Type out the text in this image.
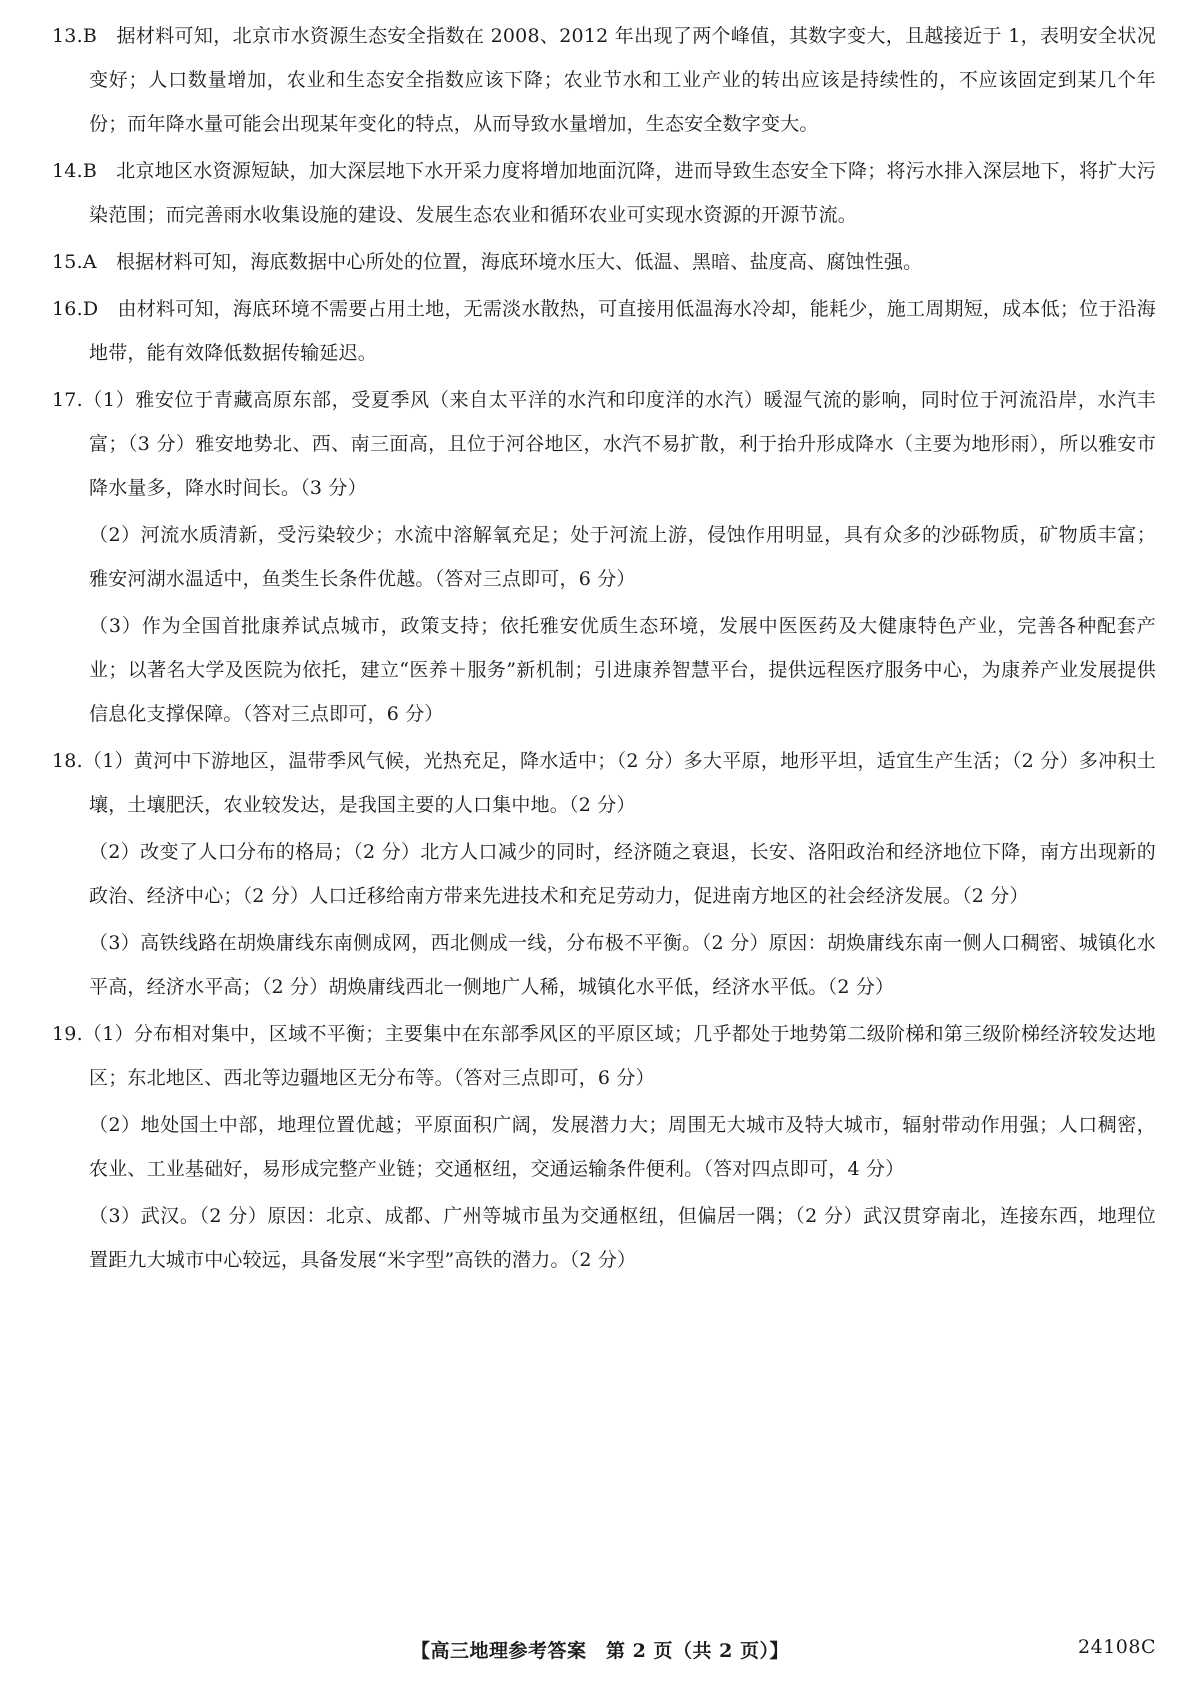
13.B　据材料可知，北京市水资源生态安全指数在 2008、2012 年出现了两个峰值，其数字变大，且越接近于 1，表明安全状况变好；人口数量增加，农业和生态安全指数应该下降；农业节水和工业产业的转出应该是持续性的，不应该固定到某几个年份；而年降水量可能会出现某年变化的特点，从而导致水量增加，生态安全数字变大。

14.B　北京地区水资源短缺，加大深层地下水开采力度将增加地面沉降，进而导致生态安全下降；将污水排入深层地下，将扩大污染范围；而完善雨水收集设施的建设、发展生态农业和循环农业可实现水资源的开源节流。

15.A　根据材料可知，海底数据中心所处的位置，海底环境水压大、低温、黑暗、盐度高、腐蚀性强。

16.D　由材料可知，海底环境不需要占用土地，无需淡水散热，可直接用低温海水冷却，能耗少，施工周期短，成本低；位于沿海地带，能有效降低数据传输延迟。

17.（1）雅安位于青藏高原东部，受夏季风（来自太平洋的水汽和印度洋的水汽）暖湿气流的影响，同时位于河流沿岸，水汽丰富；（3 分）雅安地势北、西、南三面高，且位于河谷地区，水汽不易扩散，利于抬升形成降水（主要为地形雨），所以雅安市降水量多，降水时间长。（3 分）

（2）河流水质清新，受污染较少；水流中溶解氧充足；处于河流上游，侵蚀作用明显，具有众多的沙砾物质，矿物质丰富；雅安河湖水温适中，鱼类生长条件优越。（答对三点即可，6 分）

（3）作为全国首批康养试点城市，政策支持；依托雅安优质生态环境，发展中医医药及大健康特色产业，完善各种配套产业；以著名大学及医院为依托，建立“医养＋服务”新机制；引进康养智慧平台，提供远程医疗服务中心，为康养产业发展提供信息化支撑保障。（答对三点即可，6 分）

18.（1）黄河中下游地区，温带季风气候，光热充足，降水适中；（2 分）多大平原，地形平坦，适宜生产生活；（2 分）多冲积土壤，土壤肥沃，农业较发达，是我国主要的人口集中地。（2 分）

（2）改变了人口分布的格局；（2 分）北方人口减少的同时，经济随之衰退，长安、洛阳政治和经济地位下降，南方出现新的政治、经济中心；（2 分）人口迁移给南方带来先进技术和充足劳动力，促进南方地区的社会经济发展。（2 分）

（3）高铁线路在胡焕庸线东南侧成网，西北侧成一线，分布极不平衡。（2 分）原因：胡焕庸线东南一侧人口稠密、城镇化水平高，经济水平高；（2 分）胡焕庸线西北一侧地广人稀，城镇化水平低，经济水平低。（2 分）

19.（1）分布相对集中，区域不平衡；主要集中在东部季风区的平原区域；几乎都处于地势第二级阶梯和第三级阶梯经济较发达地区；东北地区、西北等边疆地区无分布等。（答对三点即可，6 分）

（2）地处国土中部，地理位置优越；平原面积广阔，发展潜力大；周围无大城市及特大城市，辐射带动作用强；人口稠密，农业、工业基础好，易形成完整产业链；交通枢纽，交通运输条件便利。（答对四点即可，4 分）

（3）武汉。（2 分）原因：北京、成都、广州等城市虽为交通枢纽，但偏居一隅；（2 分）武汉贯穿南北，连接东西，地理位置距九大城市中心较远，具备发展“米字型”高铁的潜力。（2 分）

【高三地理参考答案　第 2 页（共 2 页）】	24108C
